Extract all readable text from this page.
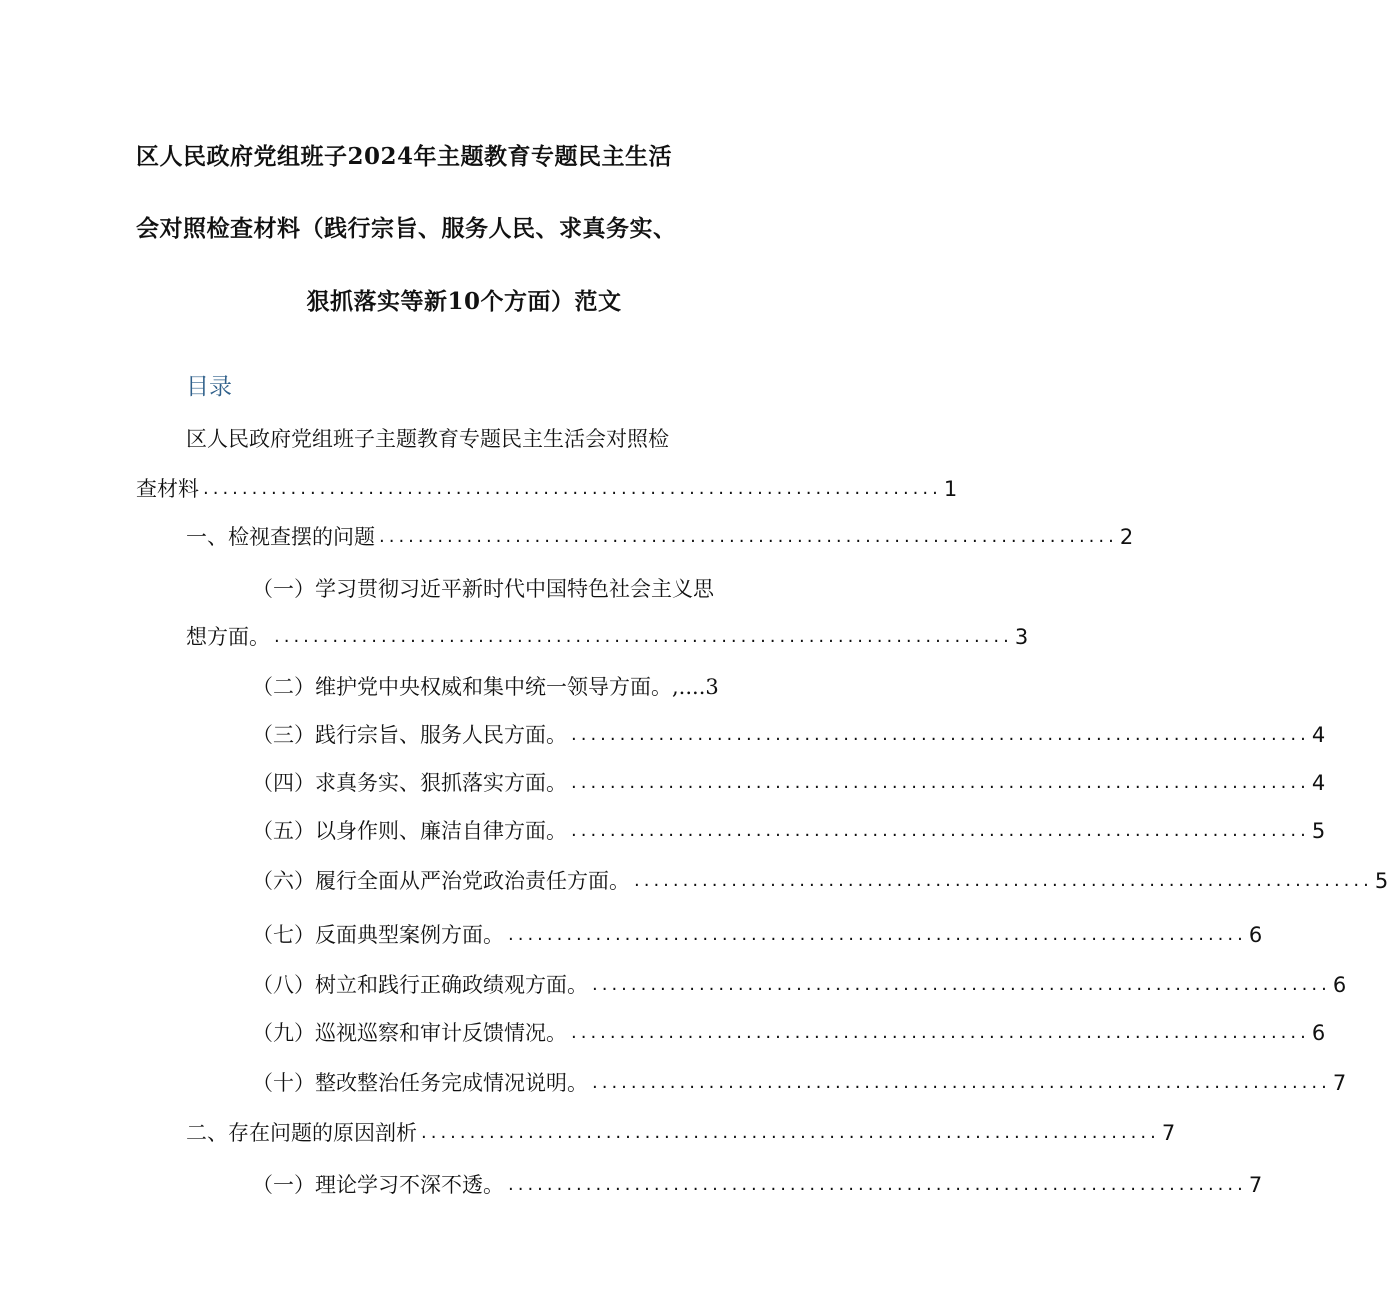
区人民政府党组班子2024年主题教育专题民主生活
会对照检查材料（践行宗旨、服务人民、求真务实、
狠抓落实等新10个方面）范文
目录
区人民政府党组班子主题教育专题民主生活会对照检
查材料 ............................................................................ 1
一、检视查摆的问题 ............................................................................ 2
（一）学习贯彻习近平新时代中国特色社会主义思
想方面。 ............................................................................ 3
（二）维护党中央权威和集中统一领导方面。,....3
（三）践行宗旨、服务人民方面。 ............................................................................ 4
（四）求真务实、狠抓落实方面。 ............................................................................ 4
（五）以身作则、廉洁自律方面。 ............................................................................ 5
（六）履行全面从严治党政治责任方面。 ............................................................................ 5
（七）反面典型案例方面。 ............................................................................ 6
（八）树立和践行正确政绩观方面。 ............................................................................ 6
（九）巡视巡察和审计反馈情况。 ............................................................................ 6
（十）整改整治任务完成情况说明。 ............................................................................ 7
二、存在问题的原因剖析 ............................................................................ 7
（一）理论学习不深不透。 ............................................................................ 7
